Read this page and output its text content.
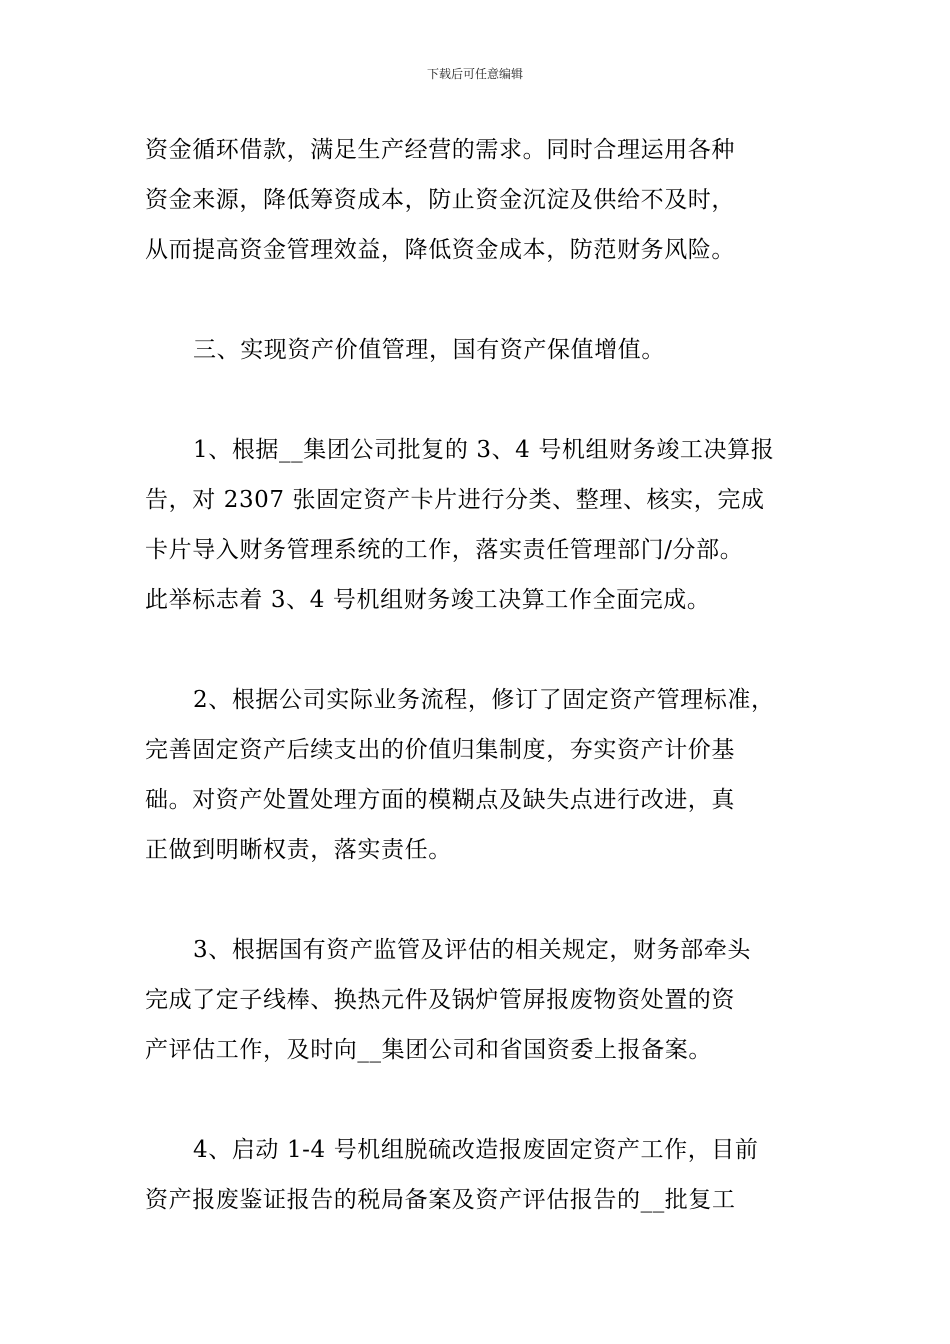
下载后可任意编辑

资金循环借款，满足生产经营的需求。同时合理运用各种
资金来源，降低筹资成本，防止资金沉淀及供给不及时，
从而提高资金管理效益，降低资金成本，防范财务风险。

三、实现资产价值管理，国有资产保值增值。

1、根据__集团公司批复的 3、4 号机组财务竣工决算报
告，对 2307 张固定资产卡片进行分类、整理、核实，完成
卡片导入财务管理系统的工作，落实责任管理部门/分部。
此举标志着 3、4 号机组财务竣工决算工作全面完成。

2、根据公司实际业务流程，修订了固定资产管理标准，
完善固定资产后续支出的价值归集制度，夯实资产计价基
础。对资产处置处理方面的模糊点及缺失点进行改进，真
正做到明晰权责，落实责任。

3、根据国有资产监管及评估的相关规定，财务部牵头
完成了定子线棒、换热元件及锅炉管屏报废物资处置的资
产评估工作，及时向__集团公司和省国资委上报备案。

4、启动 1-4 号机组脱硫改造报废固定资产工作，目前
资产报废鉴证报告的税局备案及资产评估报告的__批复工
